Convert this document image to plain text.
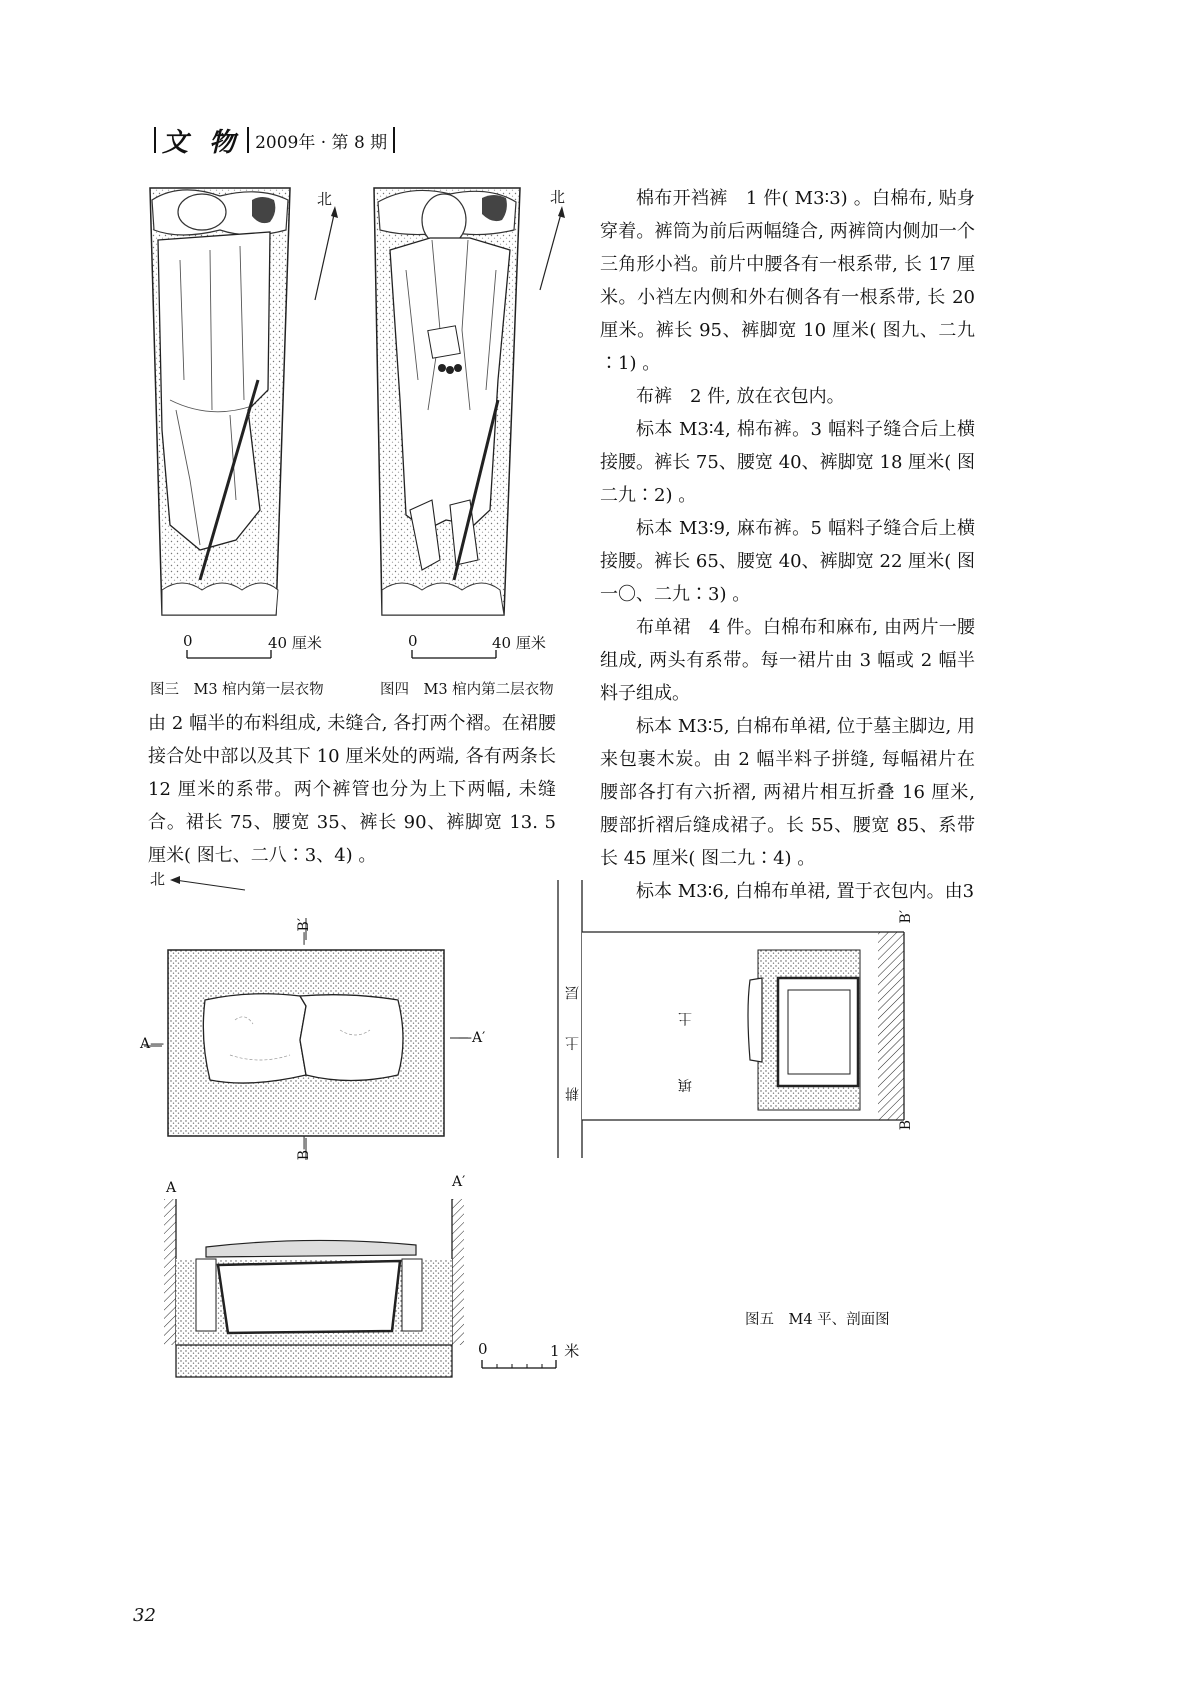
文 物 2009年 · 第 8 期
北
0	40 厘米
图三　M3 棺内第一层衣物
北
0	40 厘米
图四　M3 棺内第二层衣物

由 2 幅半的布料组成, 未缝合, 各打两个褶。在裙腰接合处中部以及其下 10 厘米处的两端, 各有两条长 12 厘米的系带。两个裤管也分为上下两幅, 未缝合。裙长 75、腰宽 35、裤长 90、裤脚宽 13. 5 厘米( 图七、二八∶3、4) 。

棉布开裆裤　1 件( M3∶3) 。白棉布, 贴身穿着。裤筒为前后两幅缝合, 两裤筒内侧加一个三角形小裆。前片中腰各有一根系带, 长 17 厘米。小裆左内侧和外右侧各有一根系带, 长 20 厘米。裤长 95、裤脚宽 10 厘米( 图九、二九∶1) 。

布裤　2 件, 放在衣包内。

标本 M3∶4, 棉布裤。3 幅料子缝合后上横接腰。裤长 75、腰宽 40、裤脚宽 18 厘米( 图二九∶2) 。

标本 M3∶9, 麻布裤。5 幅料子缝合后上横接腰。裤长 65、腰宽 40、裤脚宽 22 厘米( 图一〇、二九∶3) 。

布单裙　4 件。白棉布和麻布, 由两片一腰组成, 两头有系带。每一裙片由 3 幅或 2 幅半料子组成。

标本 M3∶5, 白棉布单裙, 位于墓主脚边, 用来包裹木炭。由 2 幅半料子拼缝, 每幅裙片在腰部各打有六折褶, 两裙片相互折叠 16 厘米, 腰部折褶后缝成裙子。长 55、腰宽 85、系带长 45 厘米( 图二九∶4) 。

标本 M3∶6, 白棉布单裙, 置于衣包内。由3

北
A—	—A′
—B′
B—
耕 土 层	填 土
B′
B
A	A′
0	1 米
图五　M4 平、剖面图
32
